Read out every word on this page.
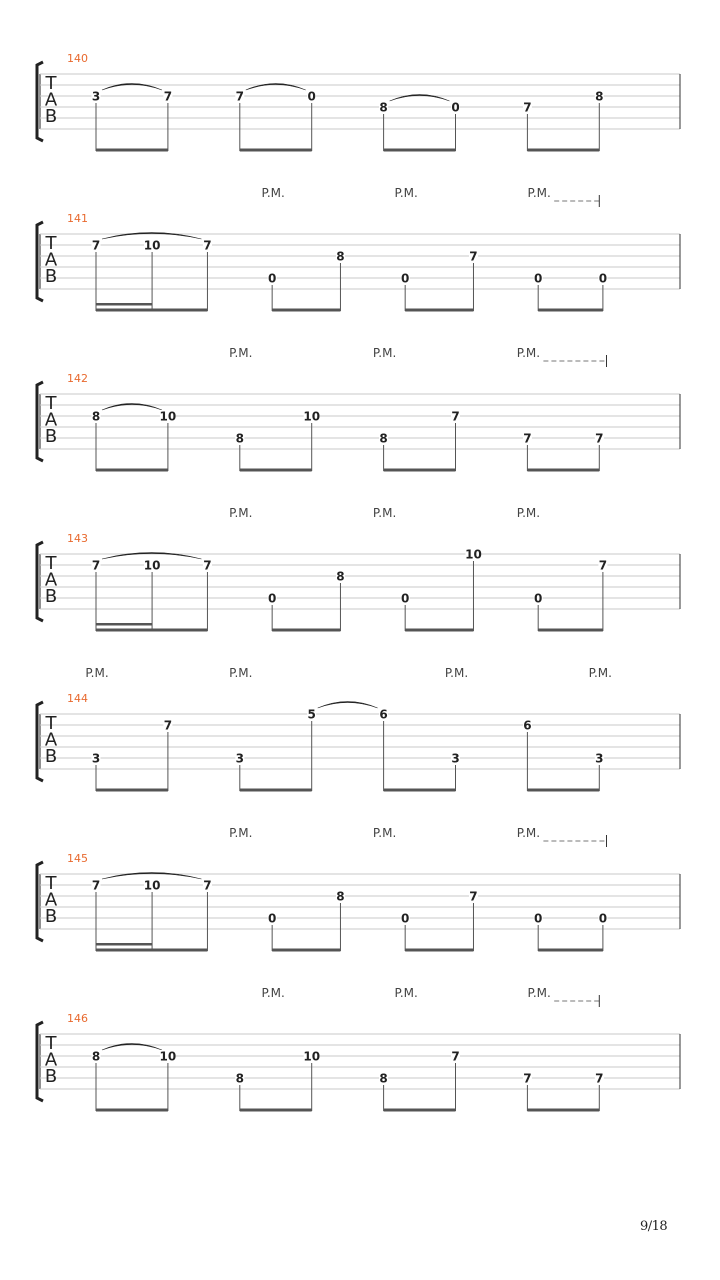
T
A
B
140
3	7	7	0
8	0	7
8
T
A
B
141
7	10	7
0
8
0
7
0	0
P.M.	P.M.	P.M.
T
A
B
142
8	10
8
10
8
7
7	7
P.M.	P.M.	P.M.
T
A
B
143
7	10	7
0
8
0
10
0
7
P.M.	P.M.	P.M.
T
A
B
144
3
7
3
5	6
3
6
3
P.M.	P.M.	P.M.	P.M.
T
A
B
145
7	10	7
0
8
0
7
0	0
P.M.	P.M.	P.M.
T
A
B
146
8	10
8
10
8
7
7	7
P.M.	P.M.	P.M.
9/18
